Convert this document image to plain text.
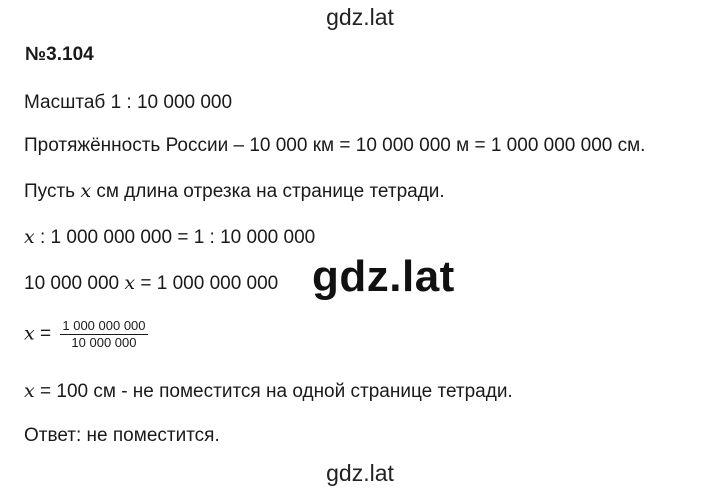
gdz.lat
№3.104
Масштаб 1 : 10 000 000
Протяжённость России – 10 000 км = 10 000 000 м = 1 000 000 000 см.
Пусть x см длина отрезка на странице тетради.
x : 1 000 000 000 = 1 : 10 000 000
10 000 000 x = 1 000 000 000 gdz.lat
$x = \frac{1 000 000 000}{10 000 000}$
x = 100 см - не поместится на одной странице тетради.
Ответ: не поместится.
gdz.lat
